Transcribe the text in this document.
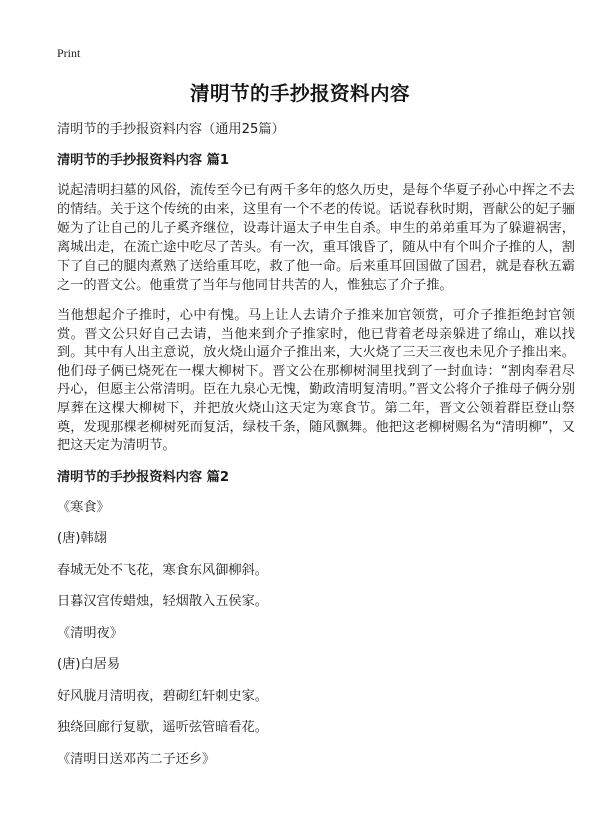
Print
清明节的手抄报资料内容
清明节的手抄报资料内容（通用25篇）
清明节的手抄报资料内容 篇1

说起清明扫墓的风俗，流传至今已有两千多年的悠久历史，是每个华夏子孙心中挥之不去的情结。关于这个传统的由来，这里有一个不老的传说。话说春秋时期，晋献公的妃子骊姬为了让自己的儿子奚齐继位，设毒计逼太子申生自杀。申生的弟弟重耳为了躲避祸害，离城出走，在流亡途中吃尽了苦头。有一次，重耳饿昏了，随从中有个叫介子推的人，割下了自己的腿肉煮熟了送给重耳吃，救了他一命。后来重耳回国做了国君，就是春秋五霸之一的晋文公。他重赏了当年与他同甘共苦的人，惟独忘了介子推。

当他想起介子推时，心中有愧。马上让人去请介子推来加官领赏，可介子推拒绝封官领赏。晋文公只好自己去请，当他来到介子推家时，他已背着老母亲躲进了绵山，难以找到。其中有人出主意说，放火烧山逼介子推出来，大火烧了三天三夜也未见介子推出来。他们母子俩已烧死在一棵大柳树下。晋文公在那柳树洞里找到了一封血诗：“割肉奉君尽丹心，但愿主公常清明。臣在九泉心无愧，勤政清明复清明。”晋文公将介子推母子俩分别厚葬在这棵大柳树下，并把放火烧山这天定为寒食节。第二年，晋文公领着群臣登山祭奠，发现那棵老柳树死而复活，绿枝千条，随风飘舞。他把这老柳树赐名为“清明柳”，又把这天定为清明节。

清明节的手抄报资料内容 篇2
《寒食》
(唐)韩翃
春城无处不飞花，寒食东风御柳斜。
日暮汉宫传蜡烛，轻烟散入五侯家。
《清明夜》
(唐)白居易
好风胧月清明夜，碧砌红轩刺史家。
独绕回廊行复歇，遥听弦管暗看花。
《清明日送邓芮二子还乡》
